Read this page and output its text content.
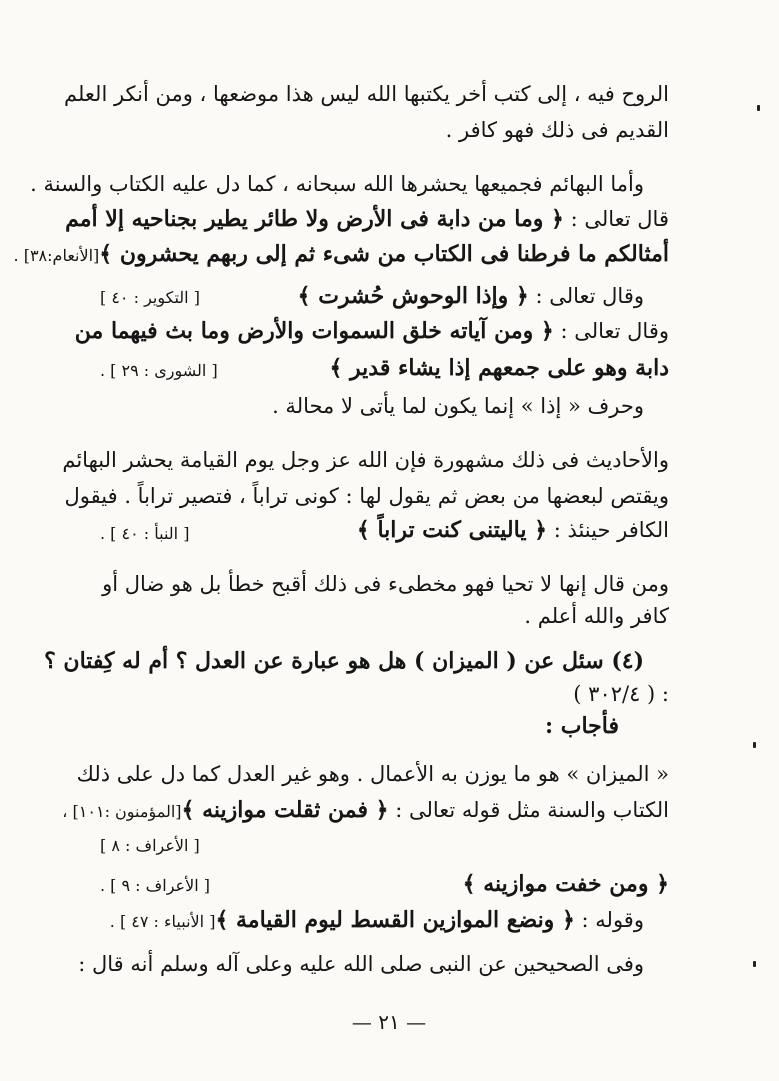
الروح فيه ، إلى كتب أخر يكتبها الله ليس هذا موضعها ، ومن أنكر العلم
القديم فى ذلك فهو كافر .
وأما البهائم فجميعها يحشرها الله سبحانه ، كما دل عليه الكتاب والسنة .
قال تعالى : ﴿ وما من دابة فى الأرض ولا طائر يطير بجناحيه إلا أمم
أمثالكم ما فرطنا فى الكتاب من شىء ثم إلى ربهم يحشرون ﴾[الأنعام:٣٨] .
وقال تعالى : ﴿ وإذا الوحوش حُشرت ﴾
[ التكوير : ٤٠ ]
وقال تعالى : ﴿ ومن آياته خلق السموات والأرض وما بث فيهما من
دابة وهو على جمعهم إذا يشاء قدير ﴾
[ الشورى : ٢٩ ] .
وحرف « إذا » إنما يكون لما يأتى لا محالة .
والأحاديث فى ذلك مشهورة فإن الله عز وجل يوم القيامة يحشر البهائم
ويقتص لبعضها من بعض ثم يقول لها : كونى تراباً ، فتصير تراباً . فيقول
الكافر حينئذ : ﴿ ياليتنى كنت تراباً ﴾
[ النبأ : ٤٠ ] .
ومن قال إنها لا تحيا فهو مخطىء فى ذلك أقبح خطأ بل هو ضال أو
كافر والله أعلم .
(٤) سئل عن ( الميزان ) هل هو عبارة عن العدل ؟ أم له كِفتان ؟
: ( ٣٠٢/٤ )
فأجاب :
« الميزان » هو ما يوزن به الأعمال . وهو غير العدل كما دل على ذلك
الكتاب والسنة مثل قوله تعالى : ﴿ فمن ثقلت موازينه ﴾[المؤمنون :١٠١] ،
[ الأعراف : ٨ ]
﴿ ومن خفت موازينه ﴾
[ الأعراف : ٩ ] .
وقوله : ﴿ ونضع الموازين القسط ليوم القيامة ﴾[ الأنبياء : ٤٧ ] .
وفى الصحيحين عن النبى صلى الله عليه وعلى آله وسلم أنه قال :
— ٢١ —
